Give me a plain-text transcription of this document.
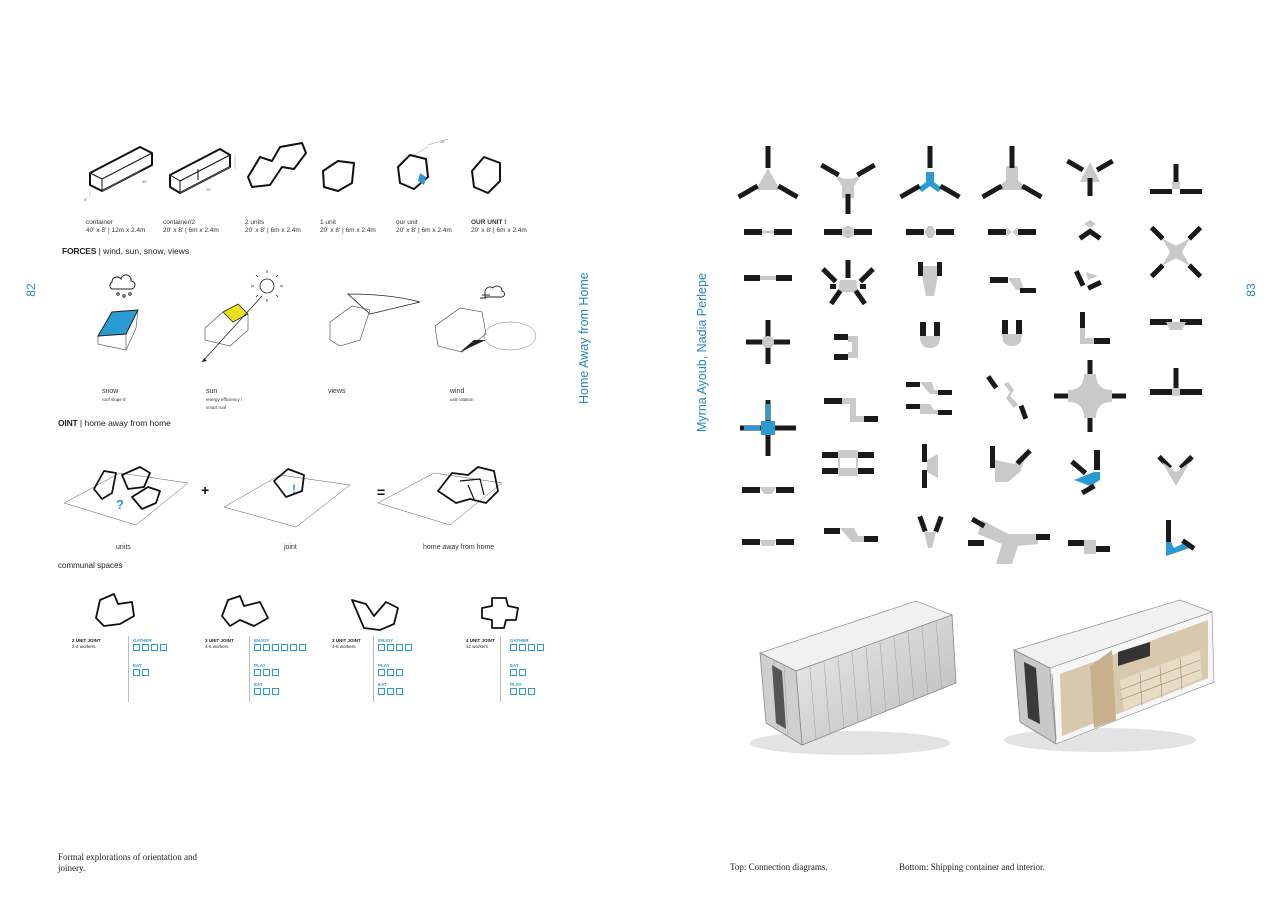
82	83
Home Away from Home	Myrna Ayoub, Nadia Perlepe
8'
40'
20'
10'
container
40' x 8' | 12m x 2.4m
container/2
20' x 8' | 6m x 2.4m
2 units
20' x 8' | 6m x 2.4m
1 unit
20' x 8' | 6m x 2.4m
our unit
20' x 8' | 6m x 2.4m
OUR UNIT !
20' x 8' | 6m x 2.4m
FORCES | wind, sun, snow, views
snow
roof slope 5'
sun
energy efficiency /
smart roof
views	wind
unit rotation
OINT | home away from home
?
!
+	=
units	joint	home away from home
communal spaces
2 UNIT JOINT
2-4 workers
GATHER

EAT

3 UNIT JOINT
4-6 workers
ENJOY

PLAY

EAT

3 UNIT JOINT
4-6 workers
ENJOY

PLAY

EAT

4 UNIT JOINT
12 workers
GATHER

EAT

PLAY

Formal explorations of orientation and joinery.	Top: Connection diagrams.	Bottom: Shipping container and interior.
